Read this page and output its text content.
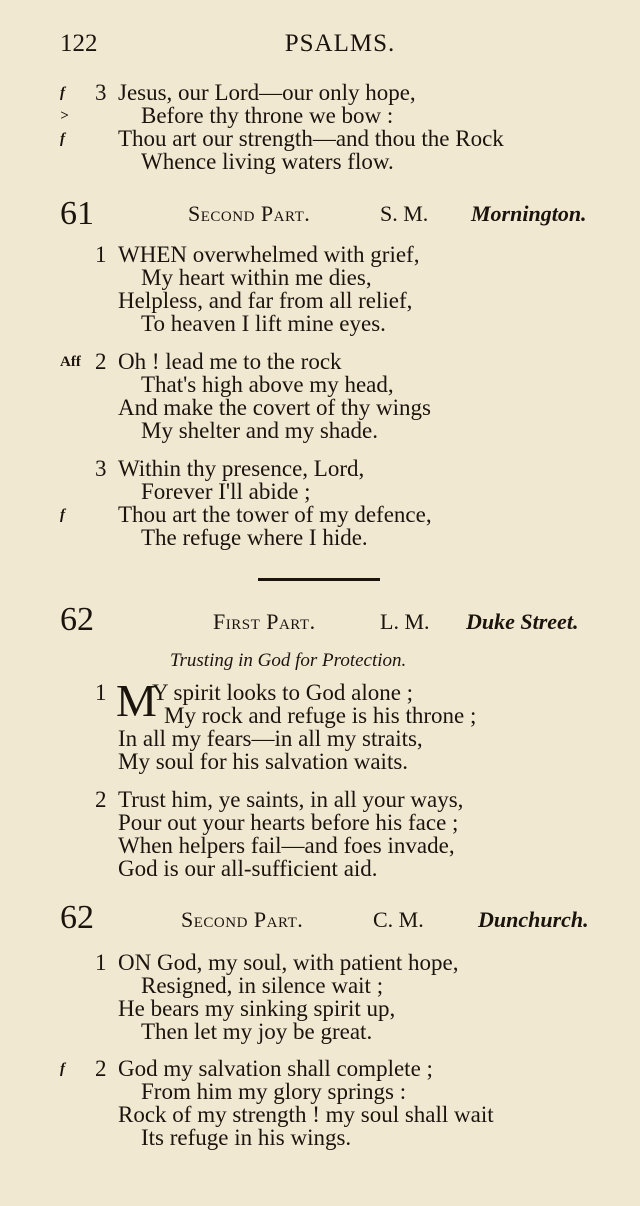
122	PSALMS.
f
>
f
3 Jesus, our Lord—our only hope,
Before thy throne we bow :
Thou art our strength—and thou the Rock
Whence living waters flow.
61	Second Part.	S. M. Mornington.
1 WHEN overwhelmed with grief,
My heart within me dies,
Helpless, and far from all relief,
To heaven I lift mine eyes.
Aff 2 Oh ! lead me to the rock
That's high above my head,
And make the covert of thy wings
My shelter and my shade.
3 Within thy presence, Lord,
Forever I'll abide ;
f Thou art the tower of my defence,
The refuge where I hide.
62	First Part.	L. M. Duke Street.
Trusting in God for Protection.
1 M
Y spirit looks to God alone ;
My rock and refuge is his throne ;
In all my fears—in all my straits,
My soul for his salvation waits.
2 Trust him, ye saints, in all your ways,
Pour out your hearts before his face ;
When helpers fail—and foes invade,
God is our all-sufficient aid.
62	Second Part.	C. M. Dunchurch.
1 ON God, my soul, with patient hope,
Resigned, in silence wait ;
He bears my sinking spirit up,
Then let my joy be great.
f 2 God my salvation shall complete ;
From him my glory springs :
Rock of my strength ! my soul shall wait
Its refuge in his wings.
